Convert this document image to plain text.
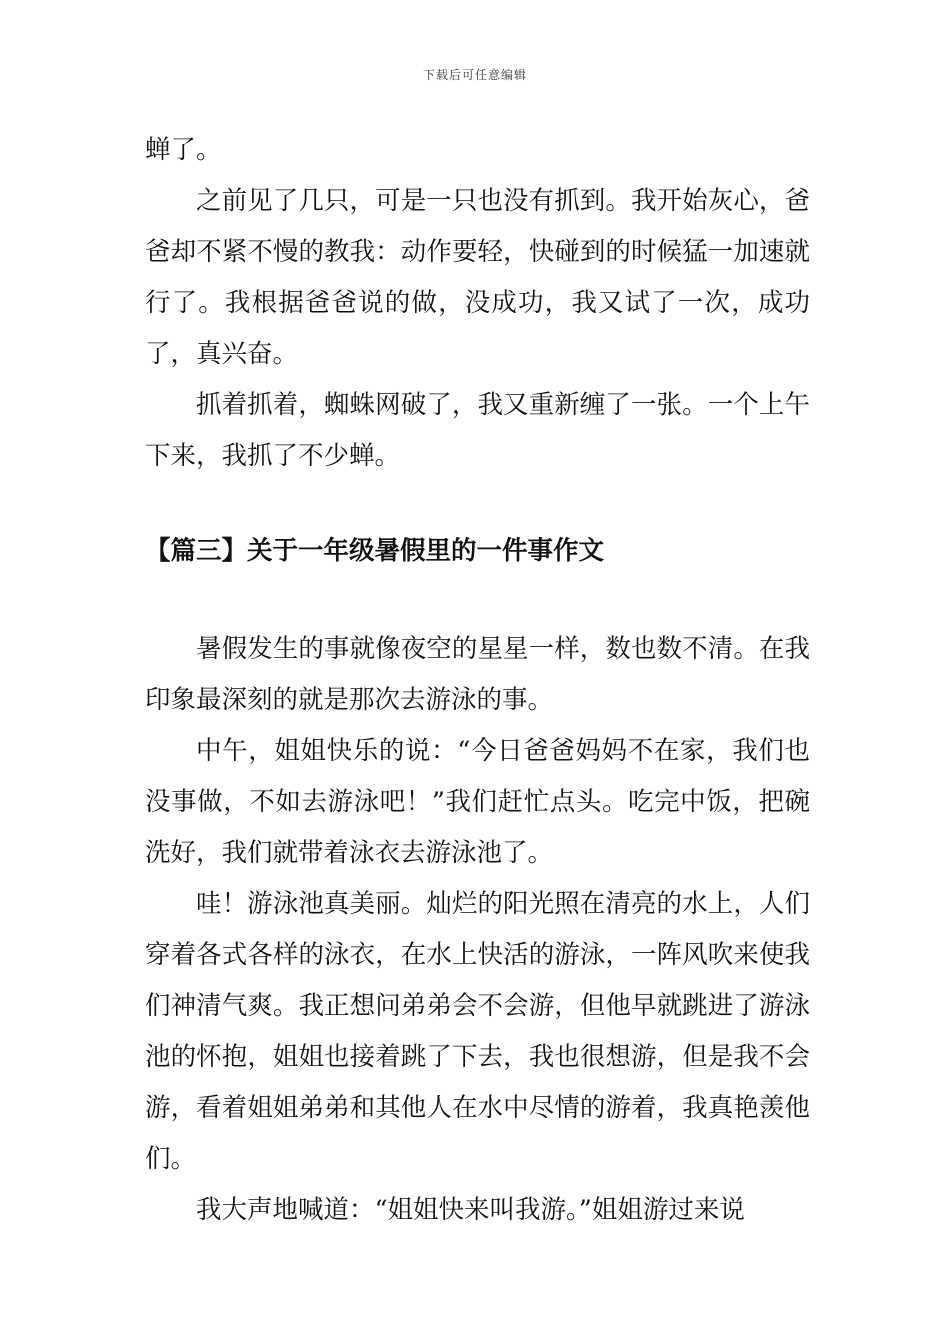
下载后可任意编辑

蝉了。

之前见了几只，可是一只也没有抓到。我开始灰心，爸爸却不紧不慢的教我：动作要轻，快碰到的时候猛一加速就行了。我根据爸爸说的做，没成功，我又试了一次，成功了，真兴奋。

抓着抓着，蜘蛛网破了，我又重新缠了一张。一个上午下来，我抓了不少蝉。

【篇三】关于一年级暑假里的一件事作文

暑假发生的事就像夜空的星星一样，数也数不清。在我印象最深刻的就是那次去游泳的事。

中午，姐姐快乐的说：“今日爸爸妈妈不在家，我们也没事做，不如去游泳吧！”我们赶忙点头。吃完中饭，把碗洗好，我们就带着泳衣去游泳池了。

哇！游泳池真美丽。灿烂的阳光照在清亮的水上，人们穿着各式各样的泳衣，在水上快活的游泳，一阵风吹来使我们神清气爽。我正想问弟弟会不会游，但他早就跳进了游泳池的怀抱，姐姐也接着跳了下去，我也很想游，但是我不会游，看着姐姐弟弟和其他人在水中尽情的游着，我真艳羡他们。

我大声地喊道：“姐姐快来叫我游。”姐姐游过来说
